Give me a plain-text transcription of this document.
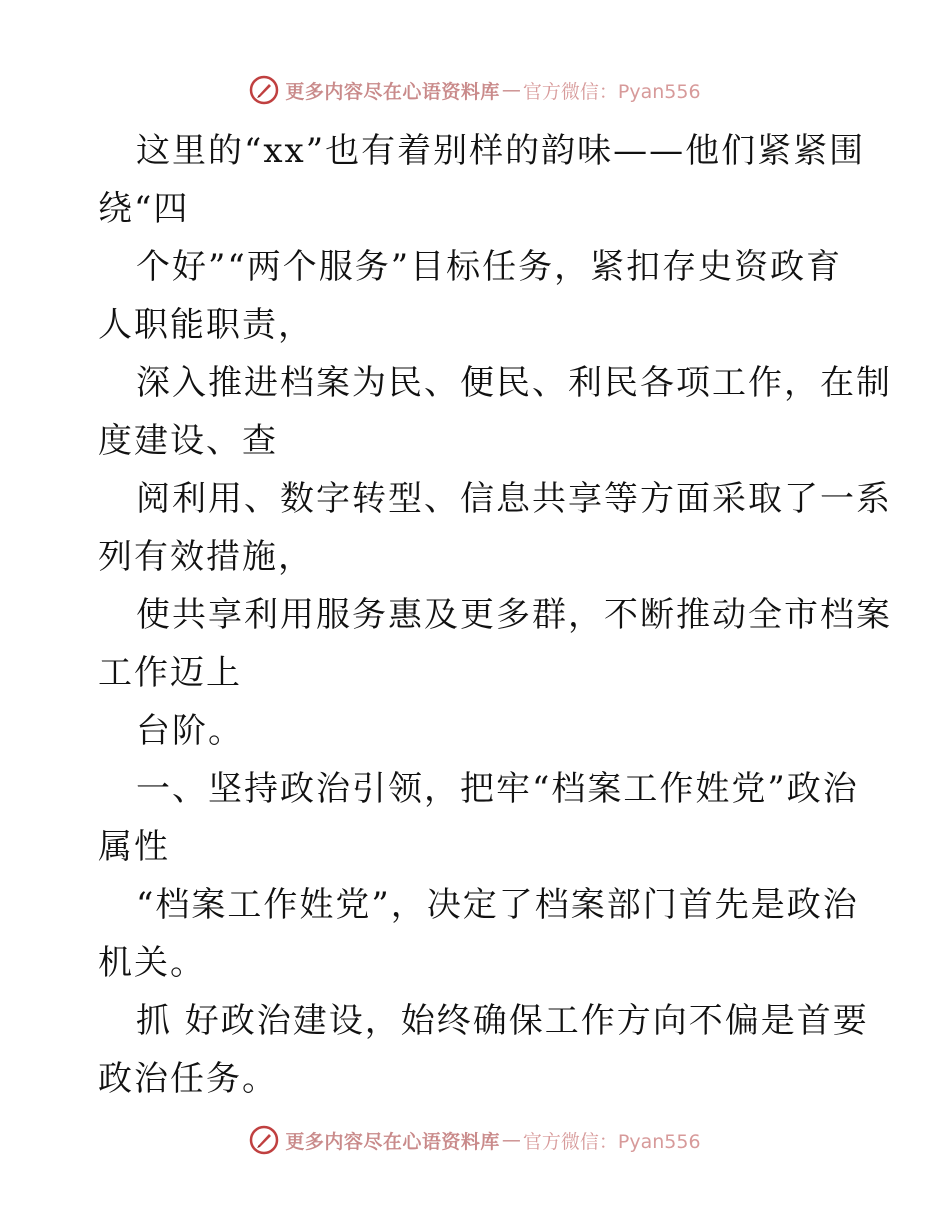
更多内容尽在心语资料库 — 官方微信：Pyan556
这里的“xx”也有着别样的韵味——他们紧紧围
绕“四
个好”“两个服务”目标任务，紧扣存史资政育
人职能职责，
深入推进档案为民、便民、利民各项工作，在制
度建设、查
阅利用、数字转型、信息共享等方面采取了一系
列有效措施，
使共享利用服务惠及更多群，不断推动全市档案
工作迈上
台阶。
一、坚持政治引领，把牢“档案工作姓党”政治
属性
“档案工作姓党”，决定了档案部门首先是政治
机关。
抓 好政治建设，始终确保工作方向不偏是首要
政治任务。
更多内容尽在心语资料库 — 官方微信：Pyan556
